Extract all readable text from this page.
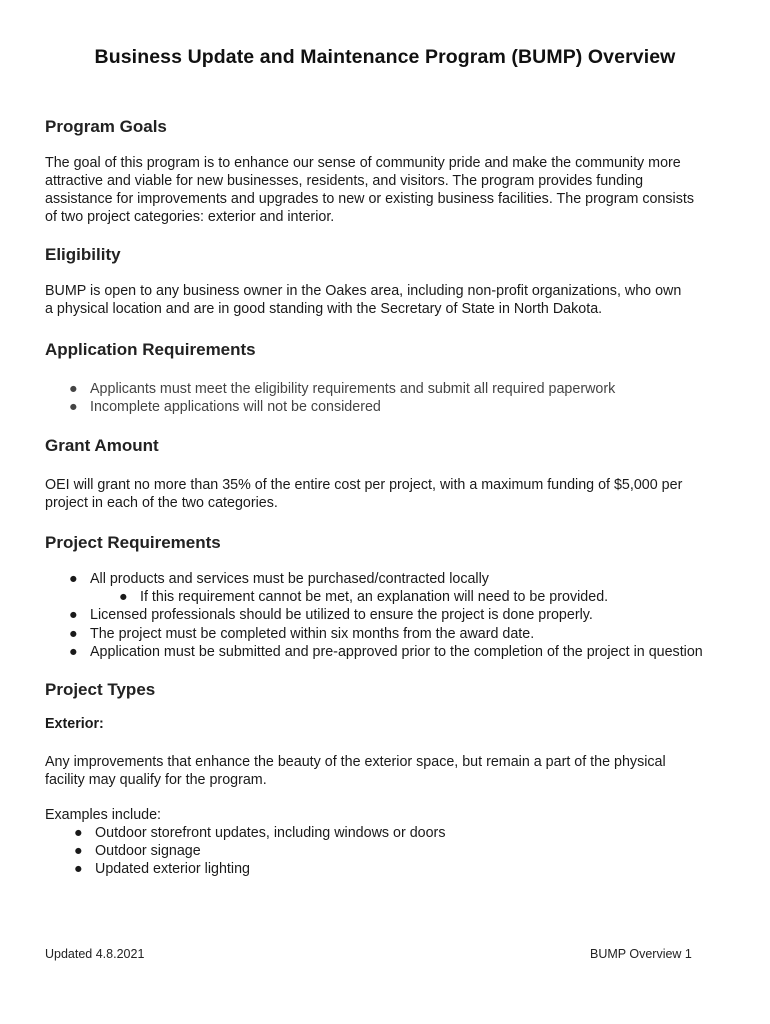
Business Update and Maintenance Program (BUMP) Overview
Program Goals
The goal of this program is to enhance our sense of community pride and make the community more
attractive and viable for new businesses, residents, and visitors. The program provides funding
assistance for improvements and upgrades to new or existing business facilities. The program consists
of two project categories: exterior and interior.
Eligibility
BUMP is open to any business owner in the Oakes area, including non-profit organizations, who own
a physical location and are in good standing with the Secretary of State in North Dakota.
Application Requirements
● Applicants must meet the eligibility requirements and submit all required paperwork
● Incomplete applications will not be considered
Grant Amount
OEI will grant no more than 35% of the entire cost per project, with a maximum funding of $5,000 per
project in each of the two categories.
Project Requirements
● All products and services must be purchased/contracted locally
● If this requirement cannot be met, an explanation will need to be provided.
● Licensed professionals should be utilized to ensure the project is done properly.
● The project must be completed within six months from the award date.
● Application must be submitted and pre-approved prior to the completion of the project in question
Project Types
Exterior:
Any improvements that enhance the beauty of the exterior space, but remain a part of the physical
facility may qualify for the program.
Examples include:
● Outdoor storefront updates, including windows or doors
● Outdoor signage
● Updated exterior lighting
Updated 4.8.2021	BUMP Overview 1
